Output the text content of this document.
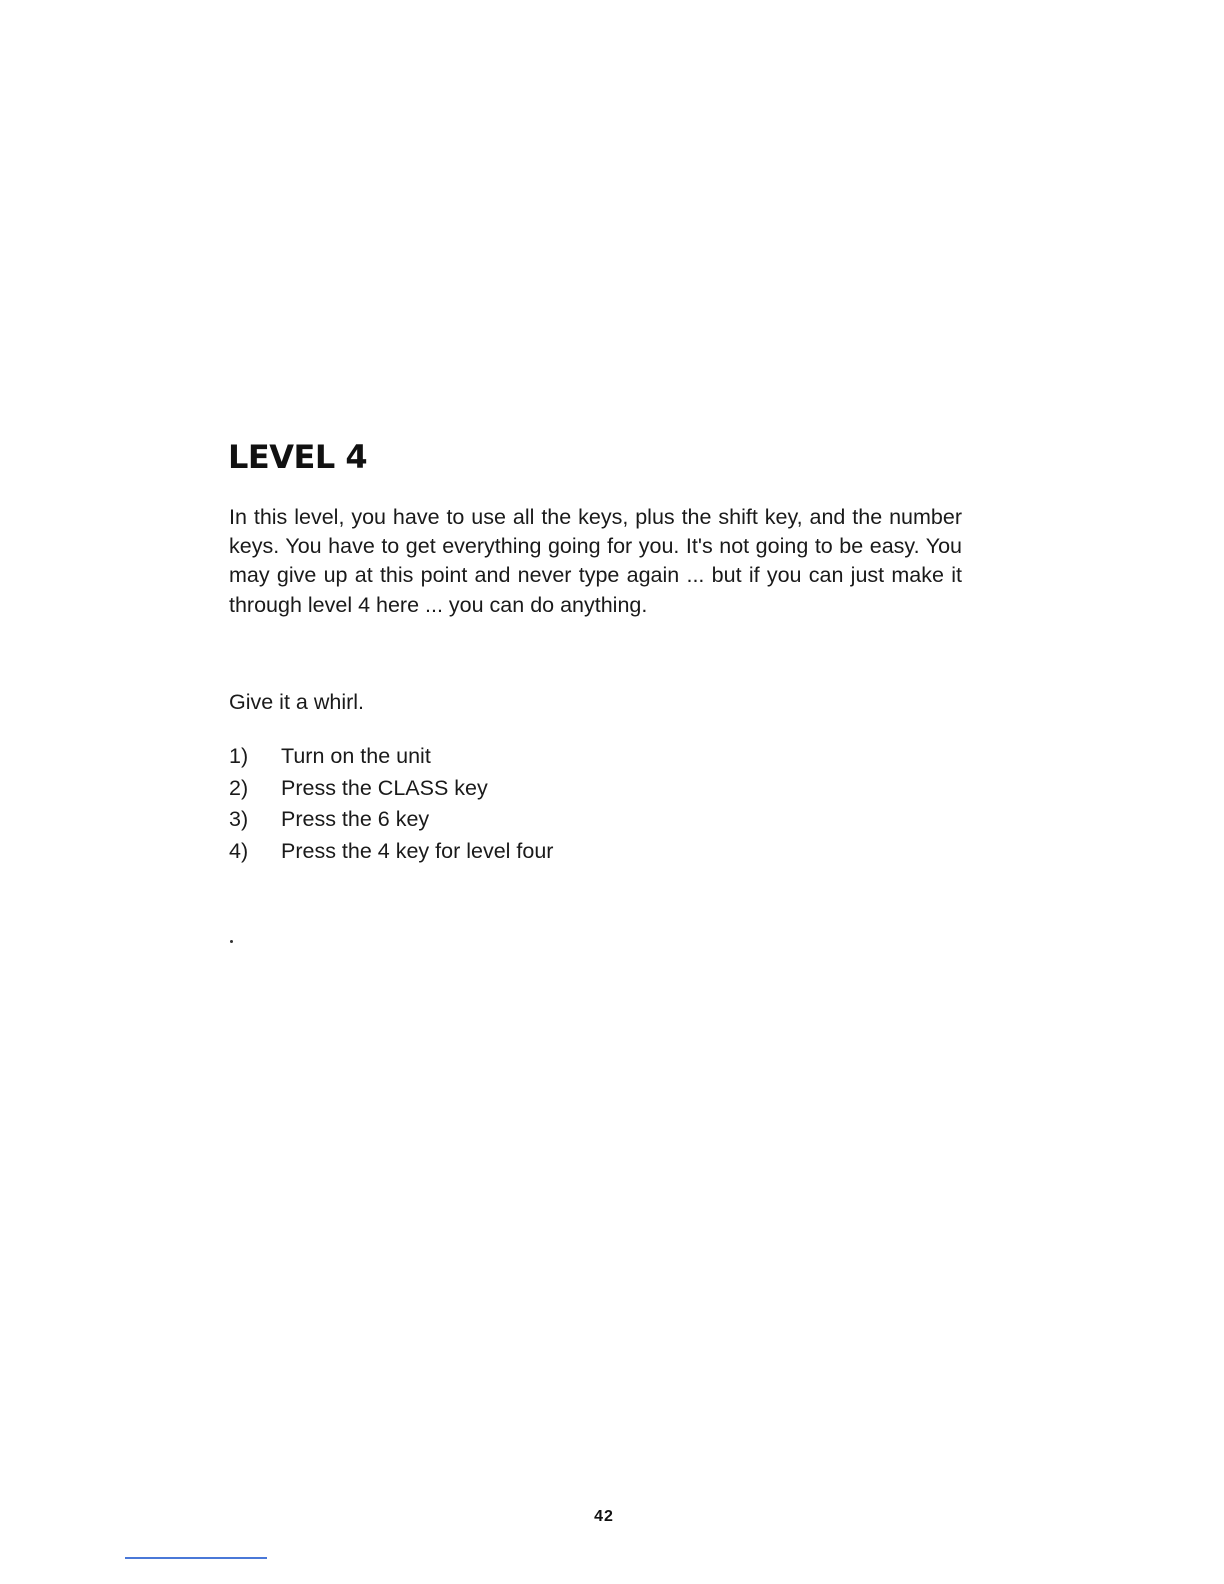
LEVEL 4

In this level, you have to use all the keys, plus the shift key, and the number keys. You have to get everything going for you. It's not going to be easy. You may give up at this point and never type again ... but if you can just make it through level 4 here ... you can do anything.

Give it a whirl.

1) Turn on the unit
2) Press the CLASS key
3) Press the 6 key
4) Press the 4 key for level four
42
